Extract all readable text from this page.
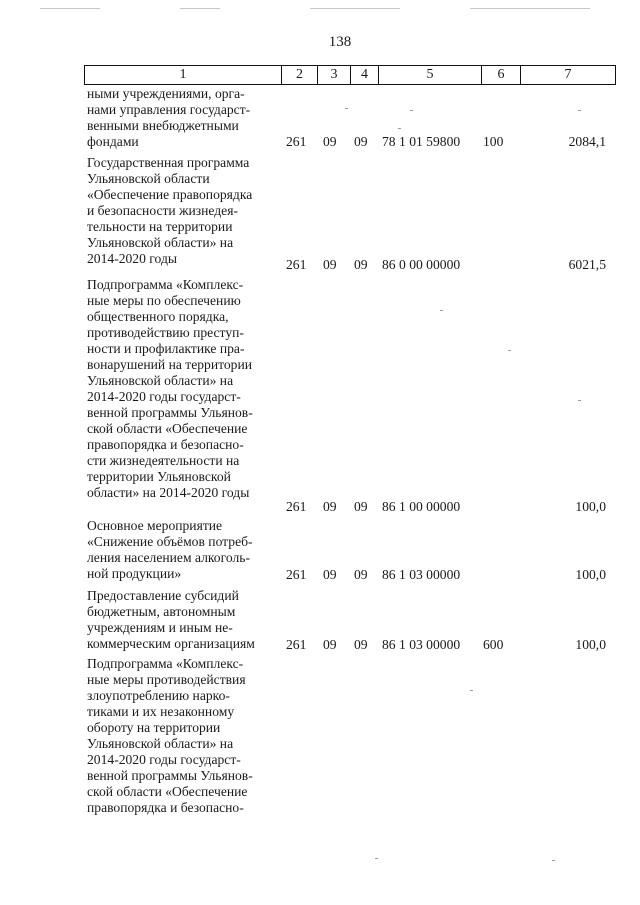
138
1	2	3	4	5	6	7
ными учреждениями, орга-
нами управления государст-
венными внебюджетными
фондами	261 09 09 78 1 01 59800 100	2084,1
Государственная программа
Ульяновской области
«Обеспечение правопорядка
и безопасности жизнедея-
тельности на территории
Ульяновской области» на
2014-2020 годы	261 09 09 86 0 00 00000	6021,5
Подпрограмма «Комплекс-
ные меры по обеспечению
общественного порядка,
противодействию преступ-
ности и профилактике пра-
вонарушений на территории
Ульяновской области» на
2014-2020 годы государст-
венной программы Ульянов-
ской области «Обеспечение
правопорядка и безопасно-
сти жизнедеятельности на
территории Ульяновской
области» на 2014-2020 годы
261 09 09 86 1 00 00000	100,0
Основное мероприятие
«Снижение объёмов потреб-
ления населением алкоголь-
ной продукции»	261 09 09 86 1 03 00000	100,0
Предоставление субсидий
бюджетным, автономным
учреждениям и иным не-
коммерческим организациям	261 09 09 86 1 03 00000 600	100,0
Подпрограмма «Комплекс-
ные меры противодействия
злоупотреблению нарко-
тиками и их незаконному
обороту на территории
Ульяновской области» на
2014-2020 годы государст-
венной программы Ульянов-
ской области «Обеспечение
правопорядка и безопасно-
